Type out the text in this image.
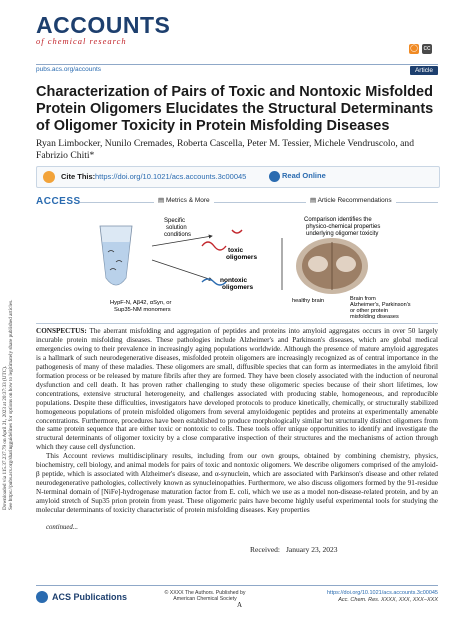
Downloaded via 115.37.237.79 on April 21, 2023 at 20:37:33 (UTC).
See https://pubs.acs.org/sharingguidelines for options on how to legitimately share published articles.
ACCOUNTS
of chemical research
◯ cc
pubs.acs.org/accounts	Article
Characterization of Pairs of Toxic and Nontoxic Misfolded Protein Oligomers Elucidates the Structural Determinants of Oligomer Toxicity in Protein Misfolding Diseases
Ryan Limbocker, Nunilo Cremades, Roberta Cascella, Peter M. Tessier, Michele Vendruscolo, and Fabrizio Chiti*
Cite This: https://doi.org/10.1021/acs.accounts.3c00045	Read Online
ACCESS	▤ Metrics & More	▤ Article Recommendations
Specific
solution
conditions
toxic
oligomers
nontoxic
oligomers
HypF-N, Aβ42, αSyn, or
Sup35-NM monomers
Comparison identifies the
physico-chemical properties
underlying oligomer toxicity
healthy brain	Brain from
Alzheimer's, Parkinson's
or other protein
misfolding diseases

CONSPECTUS: The aberrant misfolding and aggregation of peptides and proteins into amyloid aggregates occurs in over 50 largely incurable protein misfolding diseases. These pathologies include Alzheimer's and Parkinson's diseases, which are global medical emergencies owing to their prevalence in increasingly aging populations worldwide. Although the presence of mature amyloid aggregates is a hallmark of such neurodegenerative diseases, misfolded protein oligomers are increasingly recognized as of central importance in the pathogenesis of many of these maladies. These oligomers are small, diffusible species that can form as intermediates in the amyloid fibril formation process or be released by mature fibrils after they are formed. They have been closely associated with the induction of neuronal dysfunction and cell death. It has proven rather challenging to study these oligomeric species because of their short lifetimes, low concentrations, extensive structural heterogeneity, and challenges associated with producing stable, homogeneous, and reproducible populations. Despite these difficulties, investigators have developed protocols to produce kinetically, chemically, or structurally stabilized homogeneous populations of protein misfolded oligomers from several amyloidogenic peptides and proteins at experimentally amenable concentrations. Furthermore, procedures have been established to produce morphologically similar but structurally distinct oligomers from the same protein sequence that are either toxic or nontoxic to cells. These tools offer unique opportunities to identify and investigate the structural determinants of oligomer toxicity by a close comparative inspection of their structures and the mechanisms of action through which they cause cell dysfunction.

This Account reviews multidisciplinary results, including from our own groups, obtained by combining chemistry, physics, biochemistry, cell biology, and animal models for pairs of toxic and nontoxic oligomers. We describe oligomers comprised of the amyloid-β peptide, which is associated with Alzheimer's disease, and α-synuclein, which are associated with Parkinson's disease and other related neurodegenerative pathologies, collectively known as synucleinopathies. Furthermore, we also discuss oligomers formed by the 91-residue N-terminal domain of [NiFe]-hydrogenase maturation factor from E. coli, which we use as a model non-disease-related protein, and by an amyloid stretch of Sup35 prion protein from yeast. These oligomeric pairs have become highly useful experimental tools for studying the molecular determinants of toxicity characteristic of protein misfolding diseases. Key properties

continued...
Received: January 23, 2023
ACS Publications	© XXXX The Authors. Published by American Chemical Society
A
https://doi.org/10.1021/acs.accounts.3c00045
Acc. Chem. Res. XXXX, XXX, XXX−XXX
